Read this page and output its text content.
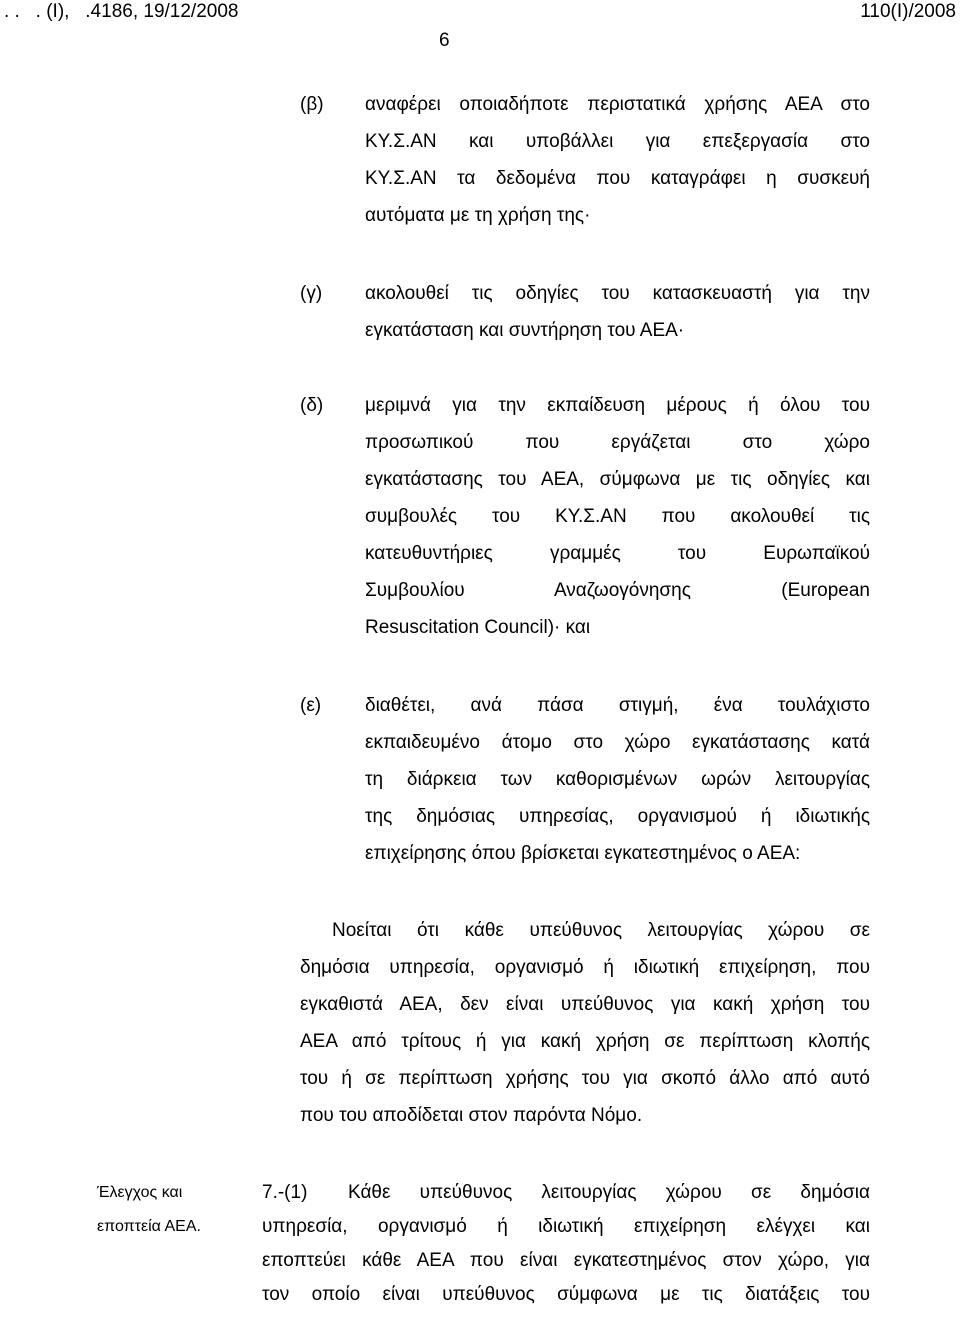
. .   . (Ι),   .4186, 19/12/2008	110(Ι)/2008
6
(β) αναφέρει οποιαδήποτε περιστατικά χρήσης ΑΕΑ στο
ΚΥ.Σ.ΑΝ και υποβάλλει για επεξεργασία στο
ΚΥ.Σ.ΑΝ τα δεδομένα που καταγράφει η συσκευή
αυτόματα με τη χρήση της·
(γ) ακολουθεί τις οδηγίες του κατασκευαστή για την
εγκατάσταση και συντήρηση του ΑΕΑ·
(δ) μεριμνά για την εκπαίδευση μέρους ή όλου του
προσωπικού που εργάζεται στο χώρο
εγκατάστασης του ΑΕΑ, σύμφωνα με τις οδηγίες και
συμβουλές του ΚΥ.Σ.ΑΝ που ακολουθεί τις
κατευθυντήριες γραμμές του Ευρωπαϊκού
Συμβουλίου Αναζωογόνησης (European
Resuscitation Council)· και
(ε) διαθέτει, ανά πάσα στιγμή, ένα τουλάχιστο
εκπαιδευμένο άτομο στο χώρο εγκατάστασης κατά
τη διάρκεια των καθορισμένων ωρών λειτουργίας
της δημόσιας υπηρεσίας, οργανισμού ή ιδιωτικής
επιχείρησης όπου βρίσκεται εγκατεστημένος ο ΑΕΑ:
Νοείται ότι κάθε υπεύθυνος λειτουργίας χώρου σε
δημόσια υπηρεσία, οργανισμό ή ιδιωτική επιχείρηση, που
εγκαθιστά ΑΕΑ, δεν είναι υπεύθυνος για κακή χρήση του
ΑΕΑ από τρίτους ή για κακή χρήση σε περίπτωση κλοπής
του ή σε περίπτωση χρήσης του για σκοπό άλλο από αυτό
που του αποδίδεται στον παρόντα Νόμο.
Έλεγχος και
εποπτεία ΑΕΑ.
7.-(1) Κάθε υπεύθυνος λειτουργίας χώρου σε δημόσια
υπηρεσία, οργανισμό ή ιδιωτική επιχείρηση ελέγχει και
εποπτεύει κάθε ΑΕΑ που είναι εγκατεστημένος στον χώρο, για
τον οποίο είναι υπεύθυνος σύμφωνα με τις διατάξεις του
